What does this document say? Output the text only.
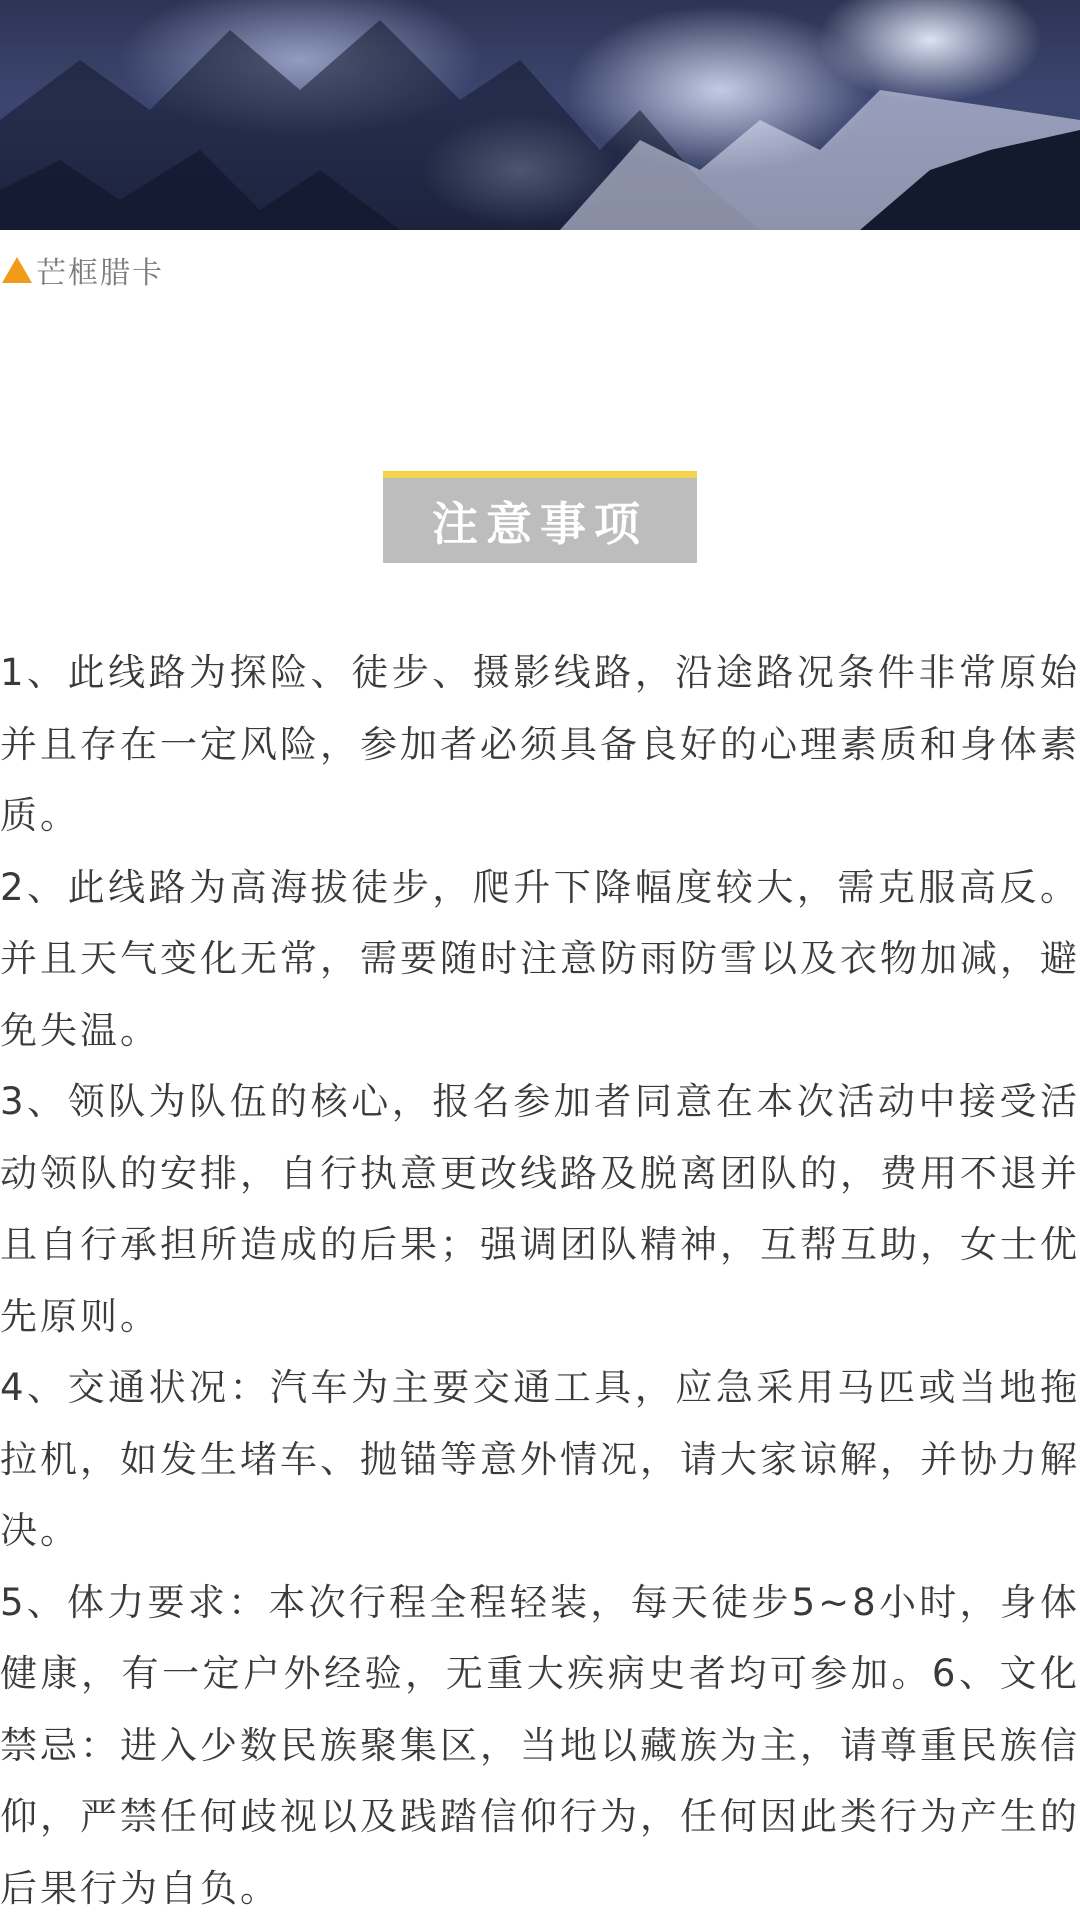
芒框腊卡
注意事项

1、此线路为探险、徒步、摄影线路，沿途路况条件非常原始并且存在一定风险，参加者必须具备良好的心理素质和身体素质。

2、此线路为高海拔徒步，爬升下降幅度较大，需克服高反。并且天气变化无常，需要随时注意防雨防雪以及衣物加减，避免失温。

3、领队为队伍的核心，报名参加者同意在本次活动中接受活动领队的安排，自行执意更改线路及脱离团队的，费用不退并且自行承担所造成的后果；强调团队精神，互帮互助，女士优先原则。

4、交通状况：汽车为主要交通工具，应急采用马匹或当地拖拉机，如发生堵车、抛锚等意外情况，请大家谅解，并协力解决。

5、体力要求：本次行程全程轻装，每天徒步5~8小时，身体健康，有一定户外经验，无重大疾病史者均可参加。6、文化禁忌：进入少数民族聚集区，当地以藏族为主，请尊重民族信仰，严禁任何歧视以及践踏信仰行为，任何因此类行为产生的后果行为自负。
